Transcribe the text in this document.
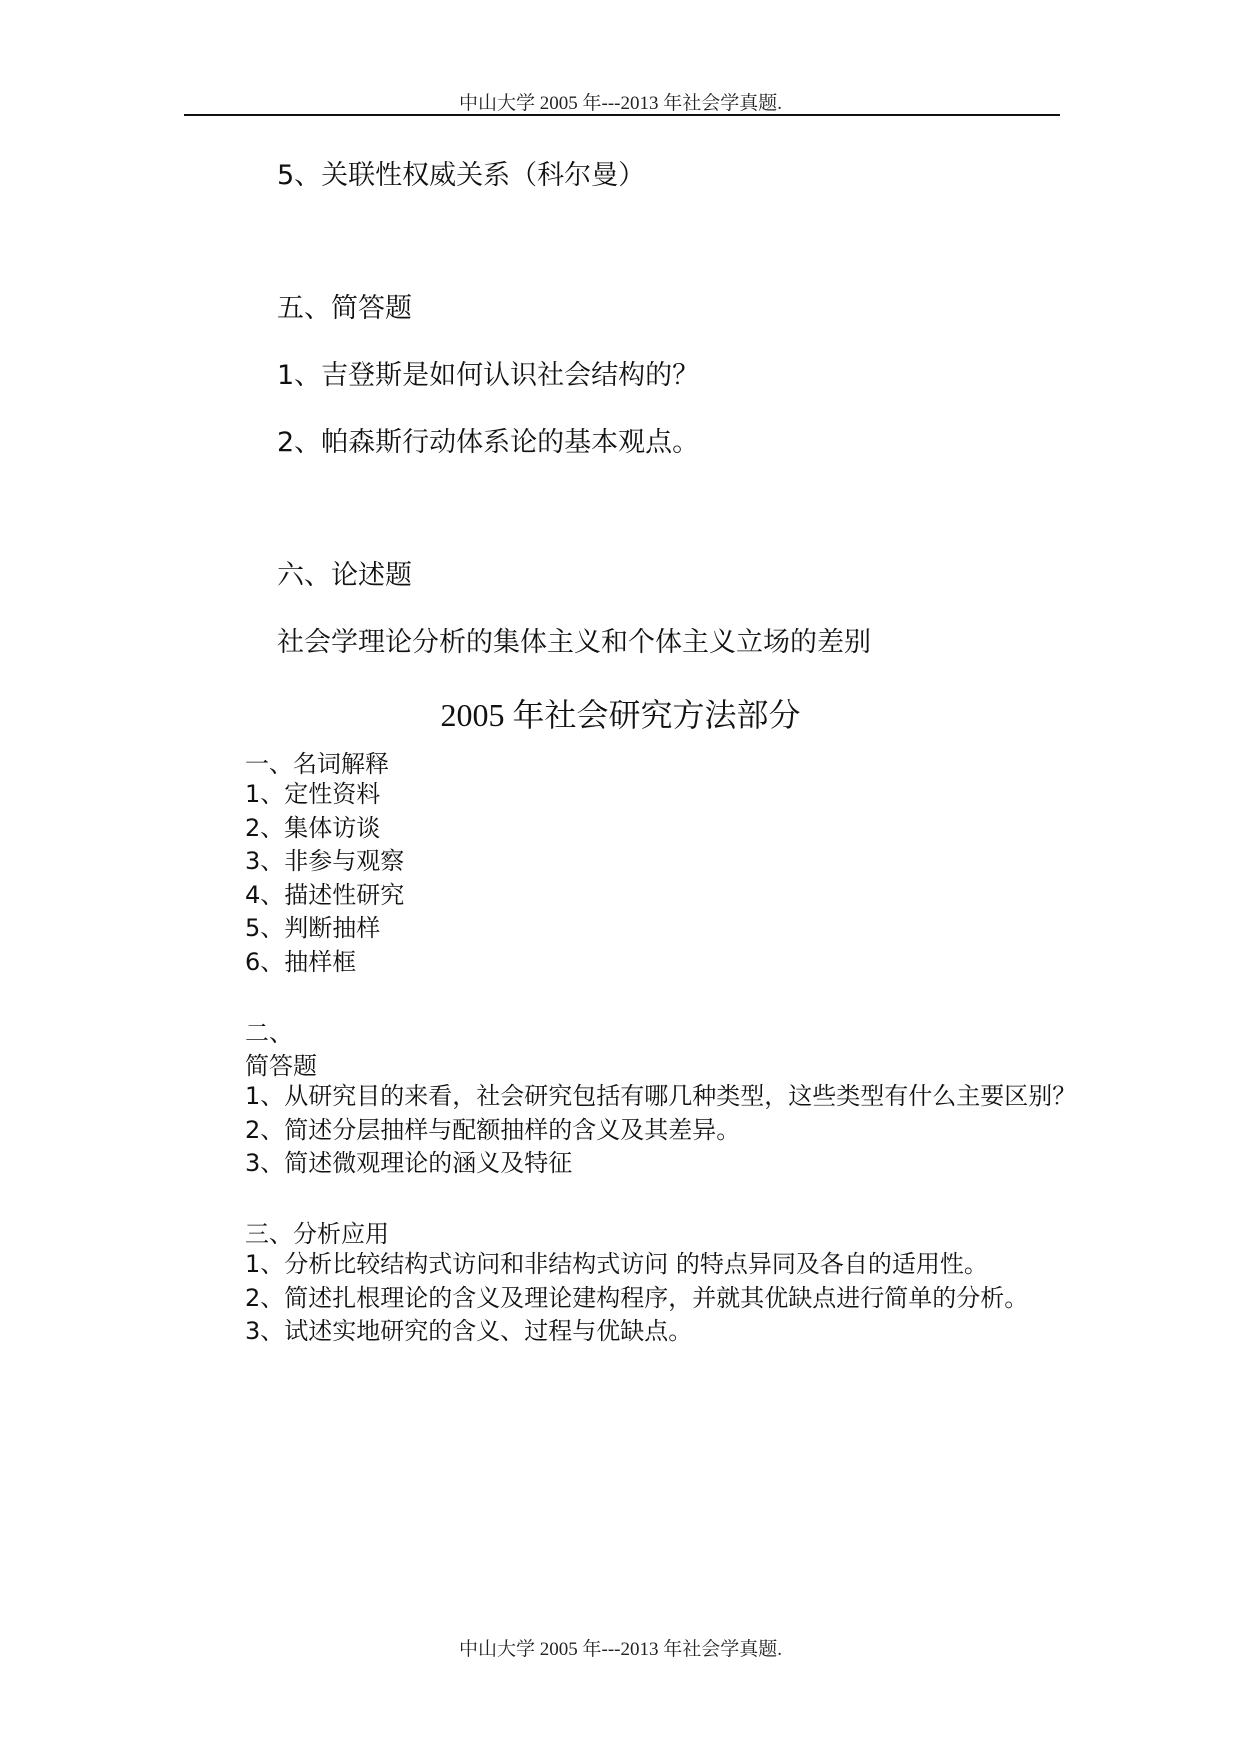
中山大学 2005 年---2013 年社会学真题.
5、关联性权威关系（科尔曼）
五、简答题
1、吉登斯是如何认识社会结构的？
2、帕森斯行动体系论的基本观点。
六、论述题
社会学理论分析的集体主义和个体主义立场的差别
2005 年社会研究方法部分
一、名词解释
1、定性资料
2、集体访谈
3、非参与观察
4、描述性研究
5、判断抽样
6、抽样框
二、
简答题
1、从研究目的来看，社会研究包括有哪几种类型，这些类型有什么主要区别？
2、简述分层抽样与配额抽样的含义及其差异。
3、简述微观理论的涵义及特征
三、分析应用
1、分析比较结构式访问和非结构式访问 的特点异同及各自的适用性。
2、简述扎根理论的含义及理论建构程序，并就其优缺点进行简单的分析。
3、试述实地研究的含义、过程与优缺点。
中山大学 2005 年---2013 年社会学真题.
